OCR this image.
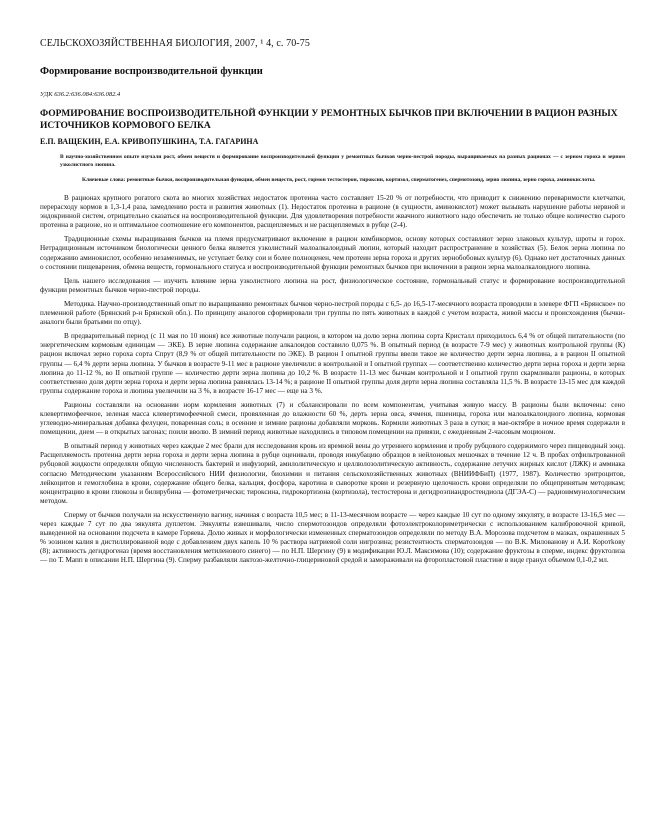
СЕЛЬСКОХОЗЯЙСТВЕННАЯ БИОЛОГИЯ, 2007, ¹ 4, с. 70-75
Формирование воспроизводительной функции
УДК 636.2:636.084:636.082.4
ФОРМИРОВАНИЕ ВОСПРОИЗВОДИТЕЛЬНОЙ ФУНКЦИИ У РЕМОНТНЫХ БЫЧКОВ ПРИ ВКЛЮЧЕНИИ В РАЦИОН РАЗНЫХ ИСТОЧНИКОВ КОРМОВОГО БЕЛКА
Е.П. ВАЩЕКИН, Е.А. КРИВОПУШКИНА, Т.А. ГАГАРИНА
В научно-хозяйственном опыте изучали рост, обмен веществ и формирование воспроизводительной функции у ремонтных бычков черно-пестрой породы, выращиваемых на разных рационах — с зерном гороха и зерном узколистного люпина.
Ключевые слова: ремонтные бычки, воспроизводительная функция, обмен веществ, рост, гормон тестостерон, тироксин, кортизол, сперматогенез, спермотозоид, зерно люпина, зерно гороха, аминокислоты.

В рационах крупного рогатого скота во многих хозяйствах недостаток протеина часто составляет 15-20 % от потребности, что приводит к снижению переваримости клетчатки, перерасходу кормов в 1,3-1,4 раза, замедлению роста и развития животных (1). Недостаток протеина в рационе (в сущности, аминокислот) может вызывать нарушение работы нервной и эндокринной систем, отрицательно сказаться на воспроизводительной функции. Для удовлетворения потребности жвачного животного надо обеспечить не только общее количество сырого протеина в рационе, но и оптимальное соотношение его компонентов, расщепляемых и не расщепляемых в рубце (2-4).

Традиционные схемы выращивания бычков на племя предусматривают включение в рацион комбикормов, основу которых составляют зерно злаковых культур, шроты и горох. Нетрадиционным источником биологически ценного белка является узколистный малоалкалоидный люпин, который находит распространение в хозяйствах (5). Белок зерна люпина по содержанию аминокислот, особенно незаменимых, не уступает белку сои и более полноценен, чем протеин зерна гороха и других зернобобовых культур (6). Однако нет достаточных данных о состоянии пищеварения, обмена веществ, гормонального статуса и воспроизводительной функции ремонтных бычков при включении в рацион зерна малоалкалоидного люпина.

Цель нашего исследования — изучить влияние зерна узколистного люпина на рост, физиологическое состояние, гормональный статус и формирование воспроизводительной функции ремонтных бычков черно-пестрой породы.

Методика. Научно-производственный опыт по выращиванию ремонтных бычков черно-пестрой породы с 6,5- до 16,5-17-месячного возраста проводили в элевере ФГП «Брянское» по племенной работе (Брянский р-н Брянской обл.). По принципу аналогов сформировали три группы по пять животных в каждой с учетом возраста, живой массы и происхождения (бычки-аналоги были братьями по отцу).

В предварительный период (с 11 мая по 10 июня) все животные получали рацион, в котором на долю зерна люпина сорта Кристалл приходилось 6,4 % от общей питательности (по энергетическим кормовым единицам — ЭКЕ). В зерне люпина содержание алкалоидов составило 0,075 %. В опытный период (в возрасте 7-9 мес) у животных контрольной группы (К) рацион включал зерно гороха сорта Спрут (8,9 % от общей питательности по ЭКЕ). В рацион I опытной группы ввели такое же количество дерти зерна люпина, а в рацион II опытной группы — 6,4 % дерти зерна люпина. У бычков в возрасте 9-11 мес в рационе увеличили: в контрольной и I опытной группах — соответственно количество дерти зерна гороха и дерти зерна люпина до 11-12 %, во II опытной группе — количество дерти зерна люпина до 10,2 %. В возрасте 11-13 мес бычкам контрольной и I опытной групп скармливали рационы, в которых соответственно доля дерти зерна гороха и дерти зерна люпина равнялась 13-14 %; в рационе II опытной группы доля дерти зерна люпина составляла 11,5 %. В возрасте 13-15 мес для каждой группы содержание гороха и люпина увеличили на 3 %, в возрасте 16-17 мес — еще на 3 %.

Рационы составляли на основании норм кормления животных (7) и сбалансировали по всем компонентам, учитывая живую массу. В рационы были включены: сено клевертимофеечное, зеленая масса клевертимофеечной смеси, провяленная до влажности 60 %, дерть зерна овса, ячменя, пшеницы, гороха или малоалкалоидного люпина, кормовая углеводно-минеральная добавка фелуцен, поваренная соль; в осенние и зимние рационы добавляли морковь. Кормили животных 3 раза в сутки; в мае-октябре в ночное время содержали в помещении, днем — в открытых загонах; поили вволю. В зимний период животные находились в типовом помещении на привязи, с ежедневным 2-часовым моционом.

В опытный период у животных через каждые 2 мес брали для исследования кровь из яремной вены до утреннего кормления и пробу рубцового содержимого через пищеводный зонд. Расщепляемость протеина дерти зерна гороха и дерти зерна люпина в рубце оценивали, проводя инкубацию образцов в нейлоновых мешочках в течение 12 ч. В пробах отфильтрованной рубцовой жидкости определяли общую численность бактерий и инфузорий, амилолитическую и целлюлозолитическую активность, содержание летучих жирных кислот (ЛЖК) и аммиака согласно Методическим указаниям Всероссийского НИИ физиологии, биохимии и питания сельскохозяйственных животных (ВНИИФБиП) (1977, 1987). Количество эритроцитов, лейкоцитов и гемоглобина в крови, содержание общего белка, кальция, фосфора, каротина в сыворотке крови и резервную щелочность крови определяли по общепринятым методикам; концентрацию в крови глюкозы и билирубина — фотометрически; тироксина, гидрокортизона (кортизола), тестостерона и дегидроэпиандростендиола (ДГЭА-С) — радиоиммунологическим методом.

Сперму от бычков получали на искусственную вагину, начиная с возраста 10,5 мес; в 11-13-месячном возрасте — через каждые 10 сут по одному эякуляту, в возрасте 13-16,5 мес — через каждые 7 сут по два эякулята дуплетом. Эякуляты взвешивали, число спермотозоидов определяли фотоэлектроколориметрически с использованием калибровочной кривой, выведенной на основании подсчета в камере Горяева. Долю живых и морфологически измененных сперматозоидов определяли по методу В.А. Морозова подсчетом в мазках, окрашенных 5 % эозином калия в дистиллированной воде с добавлением двух капель 10 % раствора натриевой соли нигрозина; резистентность сперматозоидов — по В.К. Милованову и А.И. Коротkову (8); активность дегидрогеназ (время восстановления метиленового синего) — по Н.П. Шергину (9) в модификации Ю.Л. Максимова (10); содержание фруктозы в сперме, индекс фруктолиза — по Т. Мапп в описании Н.П. Шергина (9). Сперму разбавляли лактозо-желточно-глицериновой средой и замораживали на фторопластовой пластине в виде гранул объемом 0,1-0,2 мл.
